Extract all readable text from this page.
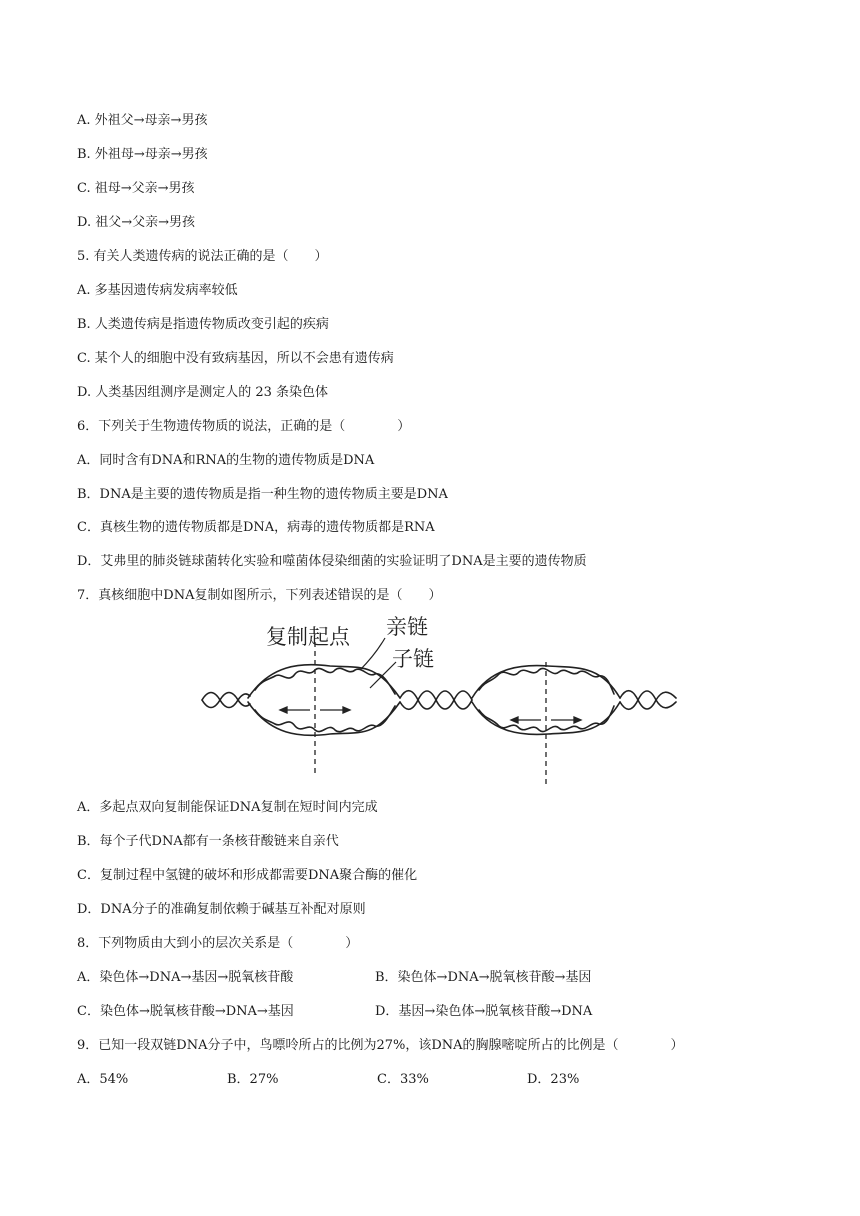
A. 外祖父→母亲→男孩
B. 外祖母→母亲→男孩
C. 祖母→父亲→男孩
D. 祖父→父亲→男孩
5. 有关人类遗传病的说法正确的是（　　）
A. 多基因遗传病发病率较低
B. 人类遗传病是指遗传物质改变引起的疾病
C. 某个人的细胞中没有致病基因，所以不会患有遗传病
D. 人类基因组测序是测定人的 23 条染色体
6．下列关于生物遗传物质的说法，正确的是（　　　　）
A．同时含有DNA和RNA的生物的遗传物质是DNA
B．DNA是主要的遗传物质是指一种生物的遗传物质主要是DNA
C．真核生物的遗传物质都是DNA，病毒的遗传物质都是RNA
D．艾弗里的肺炎链球菌转化实验和噬菌体侵染细菌的实验证明了DNA是主要的遗传物质
7．真核细胞中DNA复制如图所示，下列表述错误的是（　　）
复制起点 亲链
子链
A．多起点双向复制能保证DNA复制在短时间内完成
B．每个子代DNA都有一条核苷酸链来自亲代
C．复制过程中氢键的破坏和形成都需要DNA聚合酶的催化
D．DNA分子的准确复制依赖于碱基互补配对原则
8．下列物质由大到小的层次关系是（　　　　）
A．染色体→DNA→基因→脱氧核苷酸	B．染色体→DNA→脱氧核苷酸→基因
C．染色体→脱氧核苷酸→DNA→基因	D．基因→染色体→脱氧核苷酸→DNA
9．已知一段双链DNA分子中，鸟嘌呤所占的比例为27%，该DNA的胸腺嘧啶所占的比例是（　　　　）
A．54%	B．27%	C．33%	D．23%
